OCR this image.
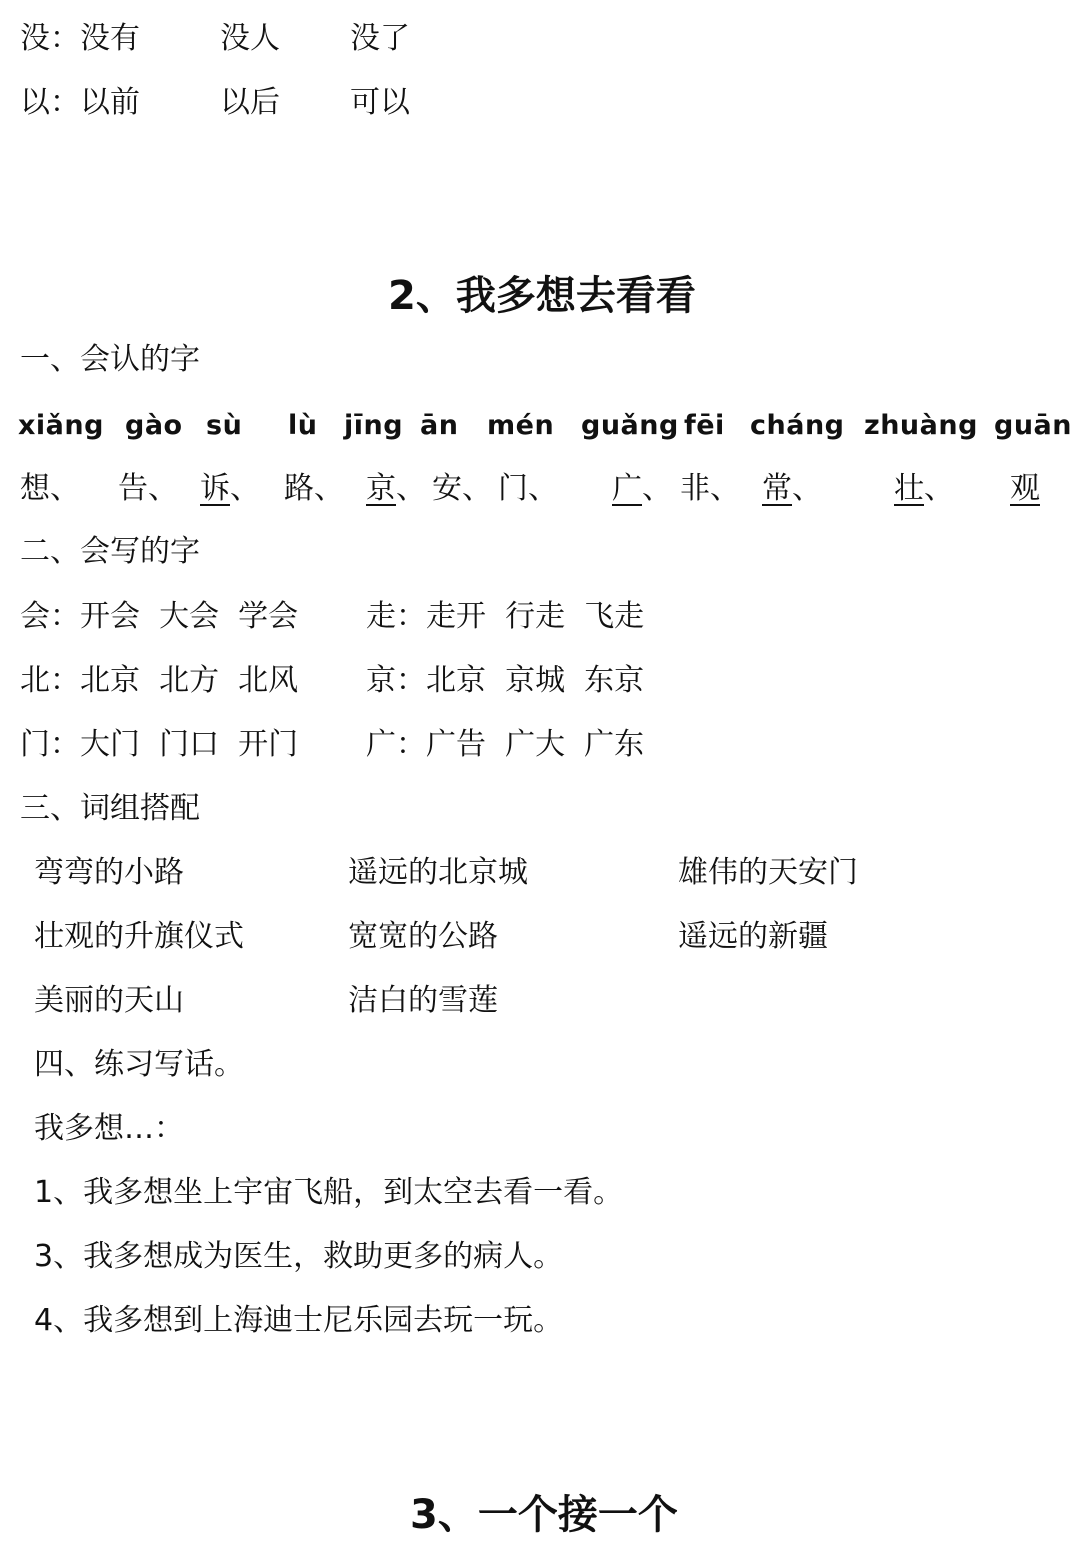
没：没有	没人 没了
以：以前	以后 可以
2、我多想去看看
一、会认的字
xiǎng gào sù lù jīng ān mén guǎng fēi cháng zhuàng guān
想、 告、 诉、 路、 京、 安、 门、 广、 非、 常、 壮、 观
二、会写的字
会：开会  大会  学会 走：走开  行走  飞走
北：北京  北方  北风 京：北京  京城  东京
门：大门  门口  开门 广：广告  广大  广东
三、词组搭配
弯弯的小路	遥远的北京城	雄伟的天安门
壮观的升旗仪式	宽宽的公路	遥远的新疆
美丽的天山	洁白的雪莲
四、练习写话。
我多想…：
1、我多想坐上宇宙飞船，到太空去看一看。
3、我多想成为医生，救助更多的病人。
4、我多想到上海迪士尼乐园去玩一玩。
3、一个接一个
